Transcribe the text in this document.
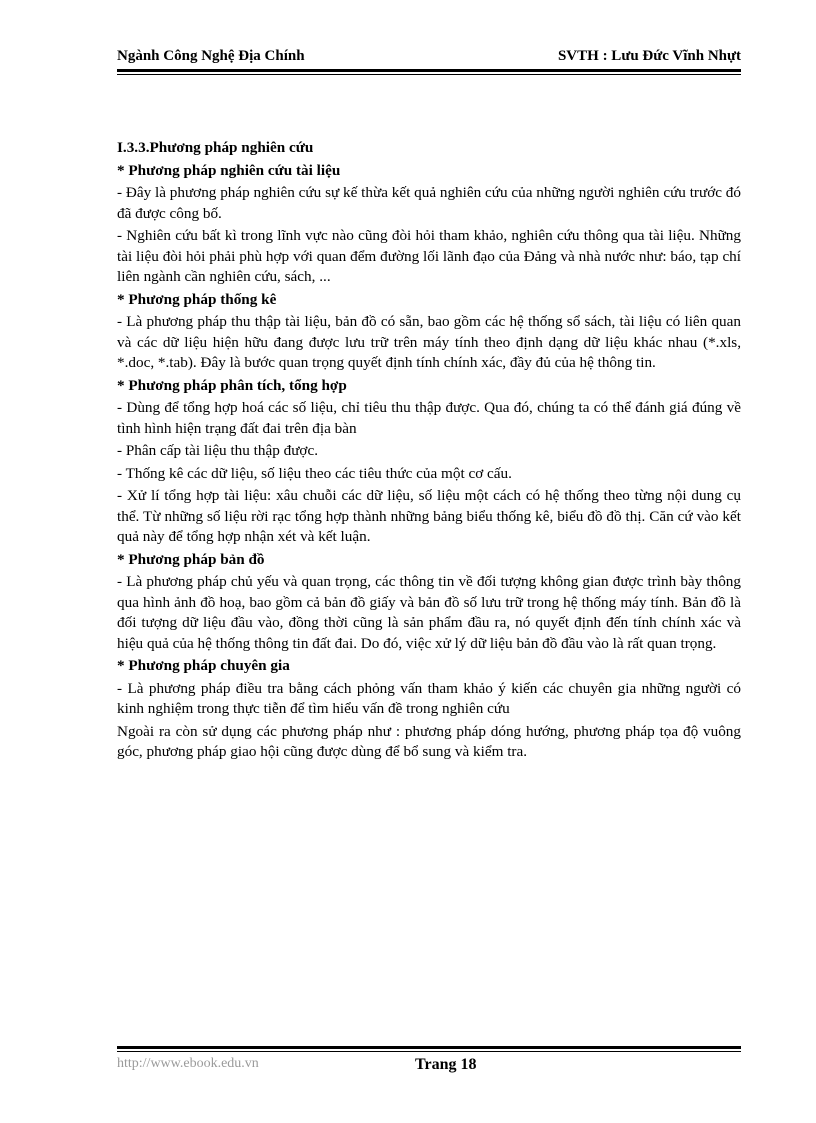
Ngành Công Nghệ Địa Chính	SVTH : Lưu Đức Vĩnh Nhựt

I.3.3.Phương pháp nghiên cứu

* Phương pháp nghiên cứu tài liệu

- Đây là phương pháp nghiên cứu sự kế thừa kết quả nghiên cứu của những người nghiên cứu trước đó đã được công bố.

- Nghiên cứu bất kì trong lĩnh vực nào cũng đòi hỏi tham khảo, nghiên cứu thông qua tài liệu. Những tài liệu đòi hỏi phải phù hợp với quan đểm đường lối lãnh đạo của Đảng và nhà nước như: báo, tạp chí liên ngành cần nghiên cứu, sách, ...

* Phương pháp thống kê

- Là phương pháp thu thập tài liệu, bản đồ có sẵn, bao gồm các hệ thống sổ sách, tài liệu có liên quan và các dữ liệu hiện hữu đang được lưu trữ trên máy tính theo định dạng dữ liệu khác nhau (*.xls, *.doc, *.tab). Đây là bước quan trọng quyết định tính chính xác, đầy đủ của hệ thông tin.

* Phương pháp phân tích, tổng hợp

- Dùng để tổng hợp hoá các số liệu, chỉ tiêu thu thập được. Qua đó, chúng ta có thể đánh giá đúng về tình hình hiện trạng đất đai trên địa bàn

- Phân cấp tài liệu thu thập được.

- Thống kê các dữ liệu, số liệu theo các tiêu thức của một cơ cấu.

- Xử lí tổng hợp tài liệu: xâu chuỗi các dữ liệu, số liệu một cách có hệ thống theo từng nội dung cụ thể. Từ những số liệu rời rạc tổng hợp thành những bảng biểu thống kê, biểu đồ đồ thị. Căn cứ vào kết quả này để tổng hợp nhận xét và kết luận.

* Phương pháp bản đồ

- Là phương pháp chủ yếu và quan trọng, các thông tin về đối tượng không gian được trình bày thông qua hình ảnh đồ hoạ, bao gồm cả bản đồ giấy và bản đồ số lưu trữ trong hệ thống máy tính. Bản đồ là đối tượng dữ liệu đầu vào, đồng thời cũng là sản phẩm đầu ra, nó quyết định đến tính chính xác và hiệu quả của hệ thống thông tin đất đai. Do đó, việc xử lý dữ liệu bản đồ đầu vào là rất quan trọng.

* Phương pháp chuyên gia

- Là phương pháp điều tra bằng cách phỏng vấn tham khảo ý kiến các chuyên gia những người có kinh nghiệm trong thực tiễn để tìm hiểu vấn đề trong nghiên cứu

Ngoài ra còn sử dụng các phương pháp như : phương pháp dóng hướng, phương pháp tọa độ vuông góc, phương pháp giao hội cũng được dùng để bổ sung và kiểm tra.

http://www.ebook.edu.vn	Trang 18
